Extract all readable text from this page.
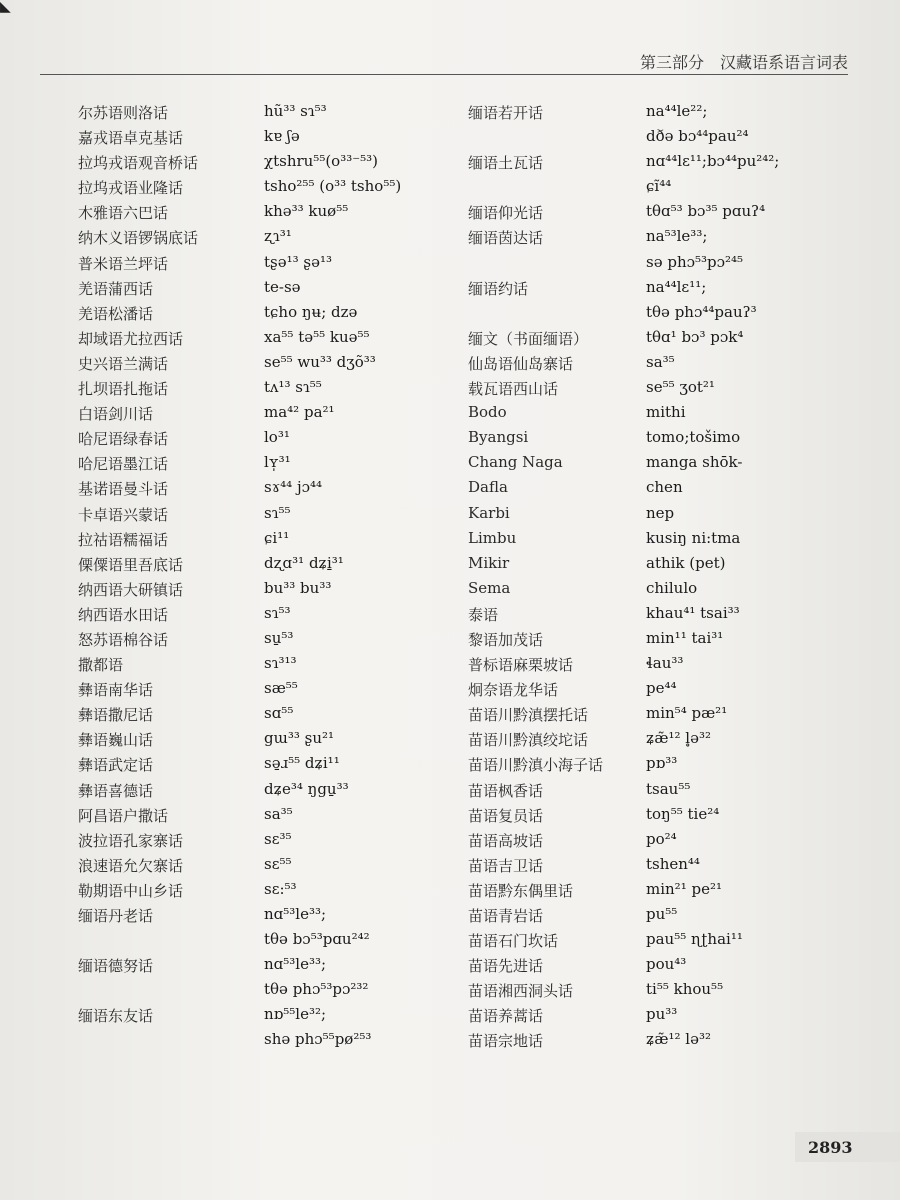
◣
第三部分　汉藏语系语言词表
尔苏语则洛话	hũ³³ sɿ⁵³
嘉戎语卓克基话	kɐ ʃə
拉坞戎语观音桥话	χtshru⁵⁵(o³³⁻⁵³)
拉坞戎语业隆话	tsho²⁵⁵ (o³³ tsho⁵⁵)
木雅语六巴话	khə³³ kuø⁵⁵
纳木义语锣锅底话	ʐɿ³¹
普米语兰坪话	tʂə¹³ ʂə¹³
羌语蒲西话	te-sə
羌语松潘话	tɕho ŋʉ; dzə
却域语尤拉西话	xa⁵⁵ tə⁵⁵ kuə⁵⁵
史兴语兰满话	se⁵⁵ wu³³ dʒõ³³
扎坝语扎拖话	tʌ¹³ sɿ⁵⁵
白语剑川话	ma⁴² pa²¹
哈尼语绿春话	lo³¹
哈尼语墨江话	lʏ̩³¹
基诺语曼斗话	sɤ⁴⁴ jɔ⁴⁴
卡卓语兴蒙话	sɿ⁵⁵
拉祜语糯福话	ɕi¹¹
傈僳语里吾底话	dʐɑ³¹ dʑi̱³¹
纳西语大研镇话	bu³³ bu³³
纳西语水田话	sɿ⁵³
怒苏语棉谷话	su̱⁵³
撒都语	sɿ³¹³
彝语南华话	sæ⁵⁵
彝语撒尼话	sɑ⁵⁵
彝语巍山话	gɯ³³ ʂu²¹
彝语武定话	sə̱ɹ⁵⁵ dʑi¹¹
彝语喜德话	dʑe³⁴ ŋgu̱³³
阿昌语户撒话	sa³⁵
波拉语孔家寨话	sɛ³⁵
浪速语允欠寨话	sɛ⁵⁵
勒期语中山乡话	sɛ:⁵³
缅语丹老话	nɑ⁵³le³³;
tθə bɔ⁵³pɑu²⁴²
缅语德努话	nɑ⁵³le³³;
tθə phɔ⁵³pɔ²³²
缅语东友话	nɒ⁵⁵le³²;
shə phɔ⁵⁵pø²⁵³
缅语若开话	na⁴⁴le²²;
dðə bɔ⁴⁴pau²⁴
缅语土瓦话	nɑ⁴⁴lɛ¹¹;bɔ⁴⁴pu²⁴²;
ɕĩ⁴⁴
缅语仰光话	tθɑ⁵³ bɔ³⁵ pɑuʔ⁴
缅语茵达话	na⁵³le³³;
sə phɔ⁵³pɔ²⁴⁵
缅语约话	na⁴⁴lɛ¹¹;
tθə phɔ⁴⁴pauʔ³
缅文（书面缅语）	tθɑ¹ bɔ³ pɔk⁴
仙岛语仙岛寨话	sa³⁵
载瓦语西山话	se⁵⁵ ʒot²¹
Bodo	mithi
Byangsi	tomo;tošimo
Chang Naga	manga shōk-
Dafla	chen
Karbi	nep
Limbu	kusiŋ ni:tma
Mikir	athik (pet)
Sema	chilulo
泰语	khau⁴¹ tsai³³
黎语加茂话	min¹¹ tai³¹
普标语麻栗坡话	ɬau³³
炯奈语龙华话	pe⁴⁴
苗语川黔滇摆托话	min⁵⁴ pæ²¹
苗语川黔滇绞坨话	ʑæ̃¹² l̥ə³²
苗语川黔滇小海子话	pɒ³³
苗语枫香话	tsau⁵⁵
苗语复员话	toŋ⁵⁵ tie²⁴
苗语高坡话	po²⁴
苗语吉卫话	tshen⁴⁴
苗语黔东偶里话	min²¹ pe²¹
苗语青岩话	pu⁵⁵
苗语石门坎话	pau⁵⁵ ɳʈhai¹¹
苗语先进话	pou⁴³
苗语湘西洞头话	ti⁵⁵ khou⁵⁵
苗语养蒿话	pu³³
苗语宗地话	ʑæ̃¹² lə³²
2893
